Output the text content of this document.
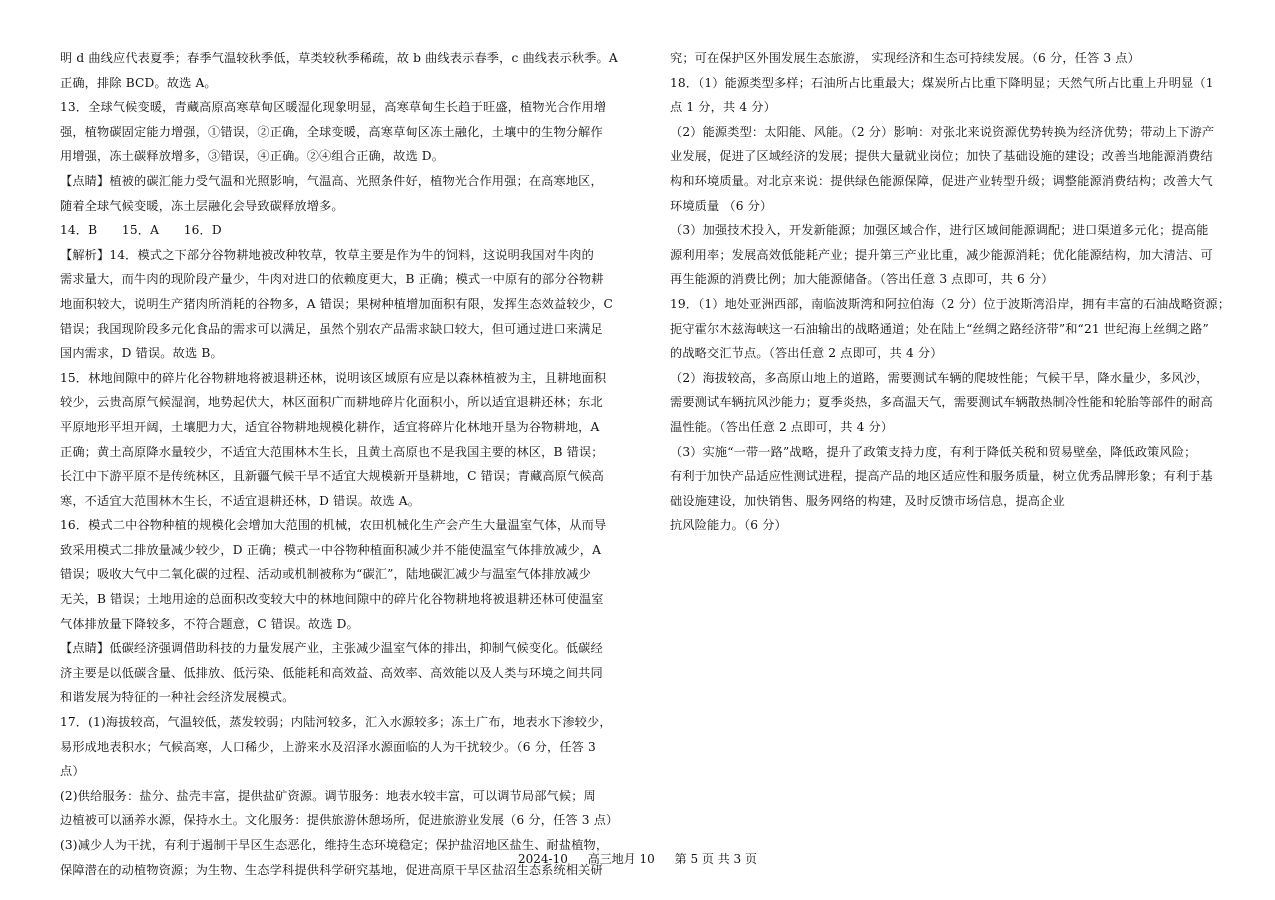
明 d 曲线应代表夏季；春季气温较秋季低，草类较秋季稀疏，故 b 曲线表示春季，c 曲线表示秋季。A
正确，排除 BCD。故选 A。
13．全球气候变暖，青藏高原高寒草甸区暖湿化现象明显，高寒草甸生长趋于旺盛，植物光合作用增
强，植物碳固定能力增强，①错误，②正确，全球变暖，高寒草甸区冻土融化，土壤中的生物分解作
用增强，冻土碳释放增多，③错误，④正确。②④组合正确，故选 D。
【点睛】植被的碳汇能力受气温和光照影响，气温高、光照条件好，植物光合作用强；在高寒地区，
随着全球气候变暖，冻土层融化会导致碳释放增多。
14．B　　15．A　　16．D
【解析】14．模式之下部分谷物耕地被改种牧草，牧草主要是作为牛的饲料，这说明我国对牛肉的
需求量大，而牛肉的现阶段产量少，牛肉对进口的依赖度更大，B 正确；模式一中原有的部分谷物耕
地面积较大，说明生产猪肉所消耗的谷物多，A 错误；果树种植增加面积有限，发挥生态效益较少，C
错误；我国现阶段多元化食品的需求可以满足，虽然个别农产品需求缺口较大，但可通过进口来满足
国内需求，D 错误。故选 B。
15．林地间隙中的碎片化谷物耕地将被退耕还林，说明该区域原有应是以森林植被为主，且耕地面积
较少，云贵高原气候湿润，地势起伏大，林区面积广而耕地碎片化面积小，所以适宜退耕还林；东北
平原地形平坦开阔，土壤肥力大，适宜谷物耕地规模化耕作，适宜将碎片化林地开垦为谷物耕地，A
正确；黄土高原降水量较少，不适宜大范围林木生长，且黄土高原也不是我国主要的林区，B 错误；
长江中下游平原不是传统林区，且新疆气候干旱不适宜大规模新开垦耕地，C 错误；青藏高原气候高
寒，不适宜大范围林木生长，不适宜退耕还林，D 错误。故选 A。
16．模式二中谷物种植的规模化会增加大范围的机械，农田机械化生产会产生大量温室气体，从而导
致采用模式二排放量减少较少，D 正确；模式一中谷物种植面积减少并不能使温室气体排放减少，A
错误；吸收大气中二氧化碳的过程、活动或机制被称为“碳汇”，陆地碳汇减少与温室气体排放减少
无关，B 错误；土地用途的总面积改变较大中的林地间隙中的碎片化谷物耕地将被退耕还林可使温室
气体排放量下降较多，不符合题意，C 错误。故选 D。
【点睛】低碳经济强调借助科技的力量发展产业，主张减少温室气体的排出，抑制气候变化。低碳经
济主要是以低碳含量、低排放、低污染、低能耗和高效益、高效率、高效能以及人类与环境之间共同
和谐发展为特征的一种社会经济发展模式。
17．(1)海拔较高，气温较低，蒸发较弱；内陆河较多，汇入水源较多；冻土广布，地表水下渗较少，
易形成地表积水；气候高寒，人口稀少，上游来水及沼泽水源面临的人为干扰较少。（6 分，任答 3
点）
(2)供给服务：盐分、盐壳丰富，提供盐矿资源。调节服务：地表水较丰富，可以调节局部气候；周
边植被可以涵养水源，保持水土。文化服务：提供旅游休憩场所，促进旅游业发展（6 分，任答 3 点）
(3)减少人为干扰，有利于遏制干旱区生态恶化，维持生态环境稳定；保护盐沼地区盐生、耐盐植物，
保障潜在的动植物资源；为生物、生态学科提供科学研究基地，促进高原干旱区盐沼生态系统相关研
究；可在保护区外围发展生态旅游， 实现经济和生态可持续发展。（6 分，任答 3 点）
18．（1）能源类型多样；石油所占比重最大；煤炭所占比重下降明显；天然气所占比重上升明显（1
点 1 分，共 4 分）
（2）能源类型：太阳能、风能。（2 分）影响：对张北来说资源优势转换为经济优势；带动上下游产
业发展，促进了区域经济的发展；提供大量就业岗位；加快了基础设施的建设；改善当地能源消费结
构和环境质量。对北京来说：提供绿色能源保障，促进产业转型升级；调整能源消费结构；改善大气
环境质量 （6 分）
（3）加强技术投入，开发新能源；加强区域合作，进行区域间能源调配；进口渠道多元化；提高能
源利用率；发展高效低能耗产业；提升第三产业比重，减少能源消耗；优化能源结构，加大清洁、可
再生能源的消费比例；加大能源储备。（答出任意 3 点即可，共 6 分）
19．（1）地处亚洲西部，南临波斯湾和阿拉伯海（2 分）位于波斯湾沿岸，拥有丰富的石油战略资源；
扼守霍尔木兹海峡这一石油输出的战略通道；处在陆上“丝绸之路经济带”和“21 世纪海上丝绸之路”
的战略交汇节点。（答出任意 2 点即可，共 4 分）
（2）海拔较高，多高原山地上的道路，需要测试车辆的爬坡性能；气候干旱，降水量少，多风沙，
需要测试车辆抗风沙能力；夏季炎热，多高温天气，需要测试车辆散热制冷性能和轮胎等部件的耐高
温性能。（答出任意 2 点即可，共 4 分）
（3）实施“一带一路”战略，提升了政策支持力度，有利于降低关税和贸易壁垒，降低政策风险；
有利于加快产品适应性测试进程，提高产品的地区适应性和服务质量，树立优秀品牌形象；有利于基
础设施建设，加快销售、服务网络的构建，及时反馈市场信息，提高企业
抗风险能力。（6 分）
2024-10 高三地月 10 第 5 页 共 3 页
